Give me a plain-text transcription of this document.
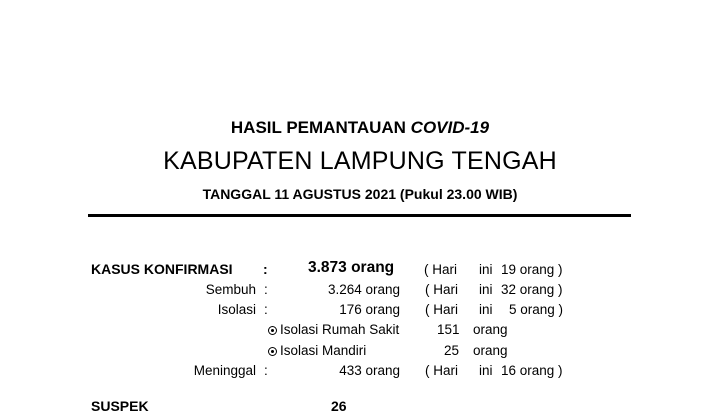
HASIL PEMANTAUAN COVID-19
KABUPATEN LAMPUNG TENGAH
TANGGAL 11 AGUSTUS 2021 (Pukul 23.00 WIB)
KASUS KONFIRMASI :	3.873 orang ( Hari ini 19 orang )
Sembuh :	3.264 orang ( Hari ini 32 orang )
Isolasi :	176 orang ( Hari ini 5 orang )
Isolasi Rumah Sakit	151 orang
Isolasi Mandiri	25 orang
Meninggal :	433 orang ( Hari ini 16 orang )
SUSPEK	26
